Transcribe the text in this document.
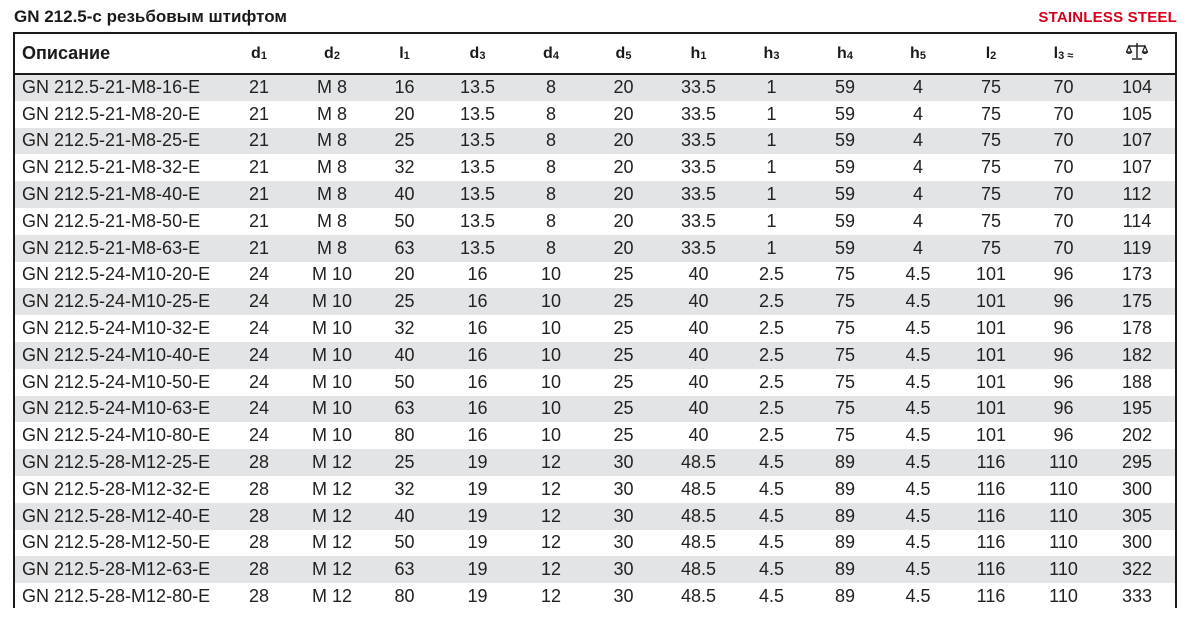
GN 212.5-с резьбовым штифтом	STAINLESS STEEL
Описание	$d_1$	$d_2$	$l_1$	$d_3$	$d_4$	$d_5$	$h_1$	$h_3$	$h_4$	$h_5$	$l_2$	$l_{3 \approx}$	
GN 212.5-21-M8-16-E	21	M 8	16	13.5	8	20	33.5	1	59	4	75	70	104
GN 212.5-21-M8-20-E	21	M 8	20	13.5	8	20	33.5	1	59	4	75	70	105
GN 212.5-21-M8-25-E	21	M 8	25	13.5	8	20	33.5	1	59	4	75	70	107
GN 212.5-21-M8-32-E	21	M 8	32	13.5	8	20	33.5	1	59	4	75	70	107
GN 212.5-21-M8-40-E	21	M 8	40	13.5	8	20	33.5	1	59	4	75	70	112
GN 212.5-21-M8-50-E	21	M 8	50	13.5	8	20	33.5	1	59	4	75	70	114
GN 212.5-21-M8-63-E	21	M 8	63	13.5	8	20	33.5	1	59	4	75	70	119
GN 212.5-24-M10-20-E	24	M 10	20	16	10	25	40	2.5	75	4.5	101	96	173
GN 212.5-24-M10-25-E	24	M 10	25	16	10	25	40	2.5	75	4.5	101	96	175
GN 212.5-24-M10-32-E	24	M 10	32	16	10	25	40	2.5	75	4.5	101	96	178
GN 212.5-24-M10-40-E	24	M 10	40	16	10	25	40	2.5	75	4.5	101	96	182
GN 212.5-24-M10-50-E	24	M 10	50	16	10	25	40	2.5	75	4.5	101	96	188
GN 212.5-24-M10-63-E	24	M 10	63	16	10	25	40	2.5	75	4.5	101	96	195
GN 212.5-24-M10-80-E	24	M 10	80	16	10	25	40	2.5	75	4.5	101	96	202
GN 212.5-28-M12-25-E	28	M 12	25	19	12	30	48.5	4.5	89	4.5	116	110	295
GN 212.5-28-M12-32-E	28	M 12	32	19	12	30	48.5	4.5	89	4.5	116	110	300
GN 212.5-28-M12-40-E	28	M 12	40	19	12	30	48.5	4.5	89	4.5	116	110	305
GN 212.5-28-M12-50-E	28	M 12	50	19	12	30	48.5	4.5	89	4.5	116	110	300
GN 212.5-28-M12-63-E	28	M 12	63	19	12	30	48.5	4.5	89	4.5	116	110	322
GN 212.5-28-M12-80-E	28	M 12	80	19	12	30	48.5	4.5	89	4.5	116	110	333
